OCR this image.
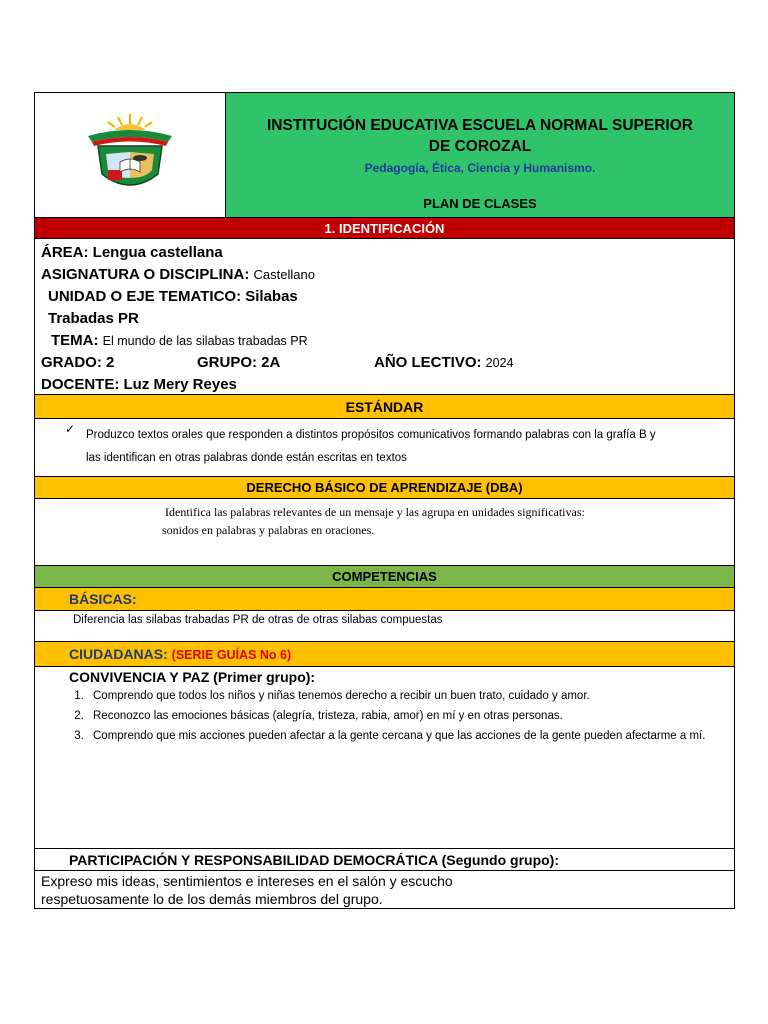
INSTITUCIÓN EDUCATIVA ESCUELA NORMAL SUPERIOR
DE COROZAL
Pedagogía, Ética, Ciencia y Humanismo.
PLAN DE CLASES
1. IDENTIFICACIÓN
ÁREA: Lengua castellana
ASIGNATURA O DISCIPLINA: Castellano
UNIDAD O EJE TEMATICO: Silabas
Trabadas PR
TEMA: El mundo de las silabas trabadas PR
GRADO: 2	GRUPO: 2A	AÑO LECTIVO: 2024
DOCENTE: Luz Mery Reyes
ESTÁNDAR
✓ Produzco textos orales que responden a distintos propósitos comunicativos formando palabras con la grafía B y
las identifican en otras palabras donde están escritas en textos
DERECHO BÁSICO DE APRENDIZAJE (DBA)
Identifica las palabras relevantes de un mensaje y las agrupa en unidades significativas:
sonidos en palabras y palabras en oraciones.
COMPETENCIAS
BÁSICAS:
Diferencia las silabas trabadas PR de otras de otras silabas compuestas
CIUDADANAS: (SERIE GUÍAS No 6)
CONVIVENCIA Y PAZ (Primer grupo):
1. Comprendo que todos los niños y niñas tenemos derecho a recibir un buen trato, cuidado y amor.
2. Reconozco las emociones básicas (alegría, tristeza, rabia, amor) en mí y en otras personas.
3. Comprendo que mis acciones pueden afectar a la gente cercana y que las acciones de la gente pueden afectarme a mí.
PARTICIPACIÓN Y RESPONSABILIDAD DEMOCRÁTICA (Segundo grupo):
Expreso mis ideas, sentimientos e intereses en el salón y escucho
respetuosamente lo de los demás miembros del grupo.
